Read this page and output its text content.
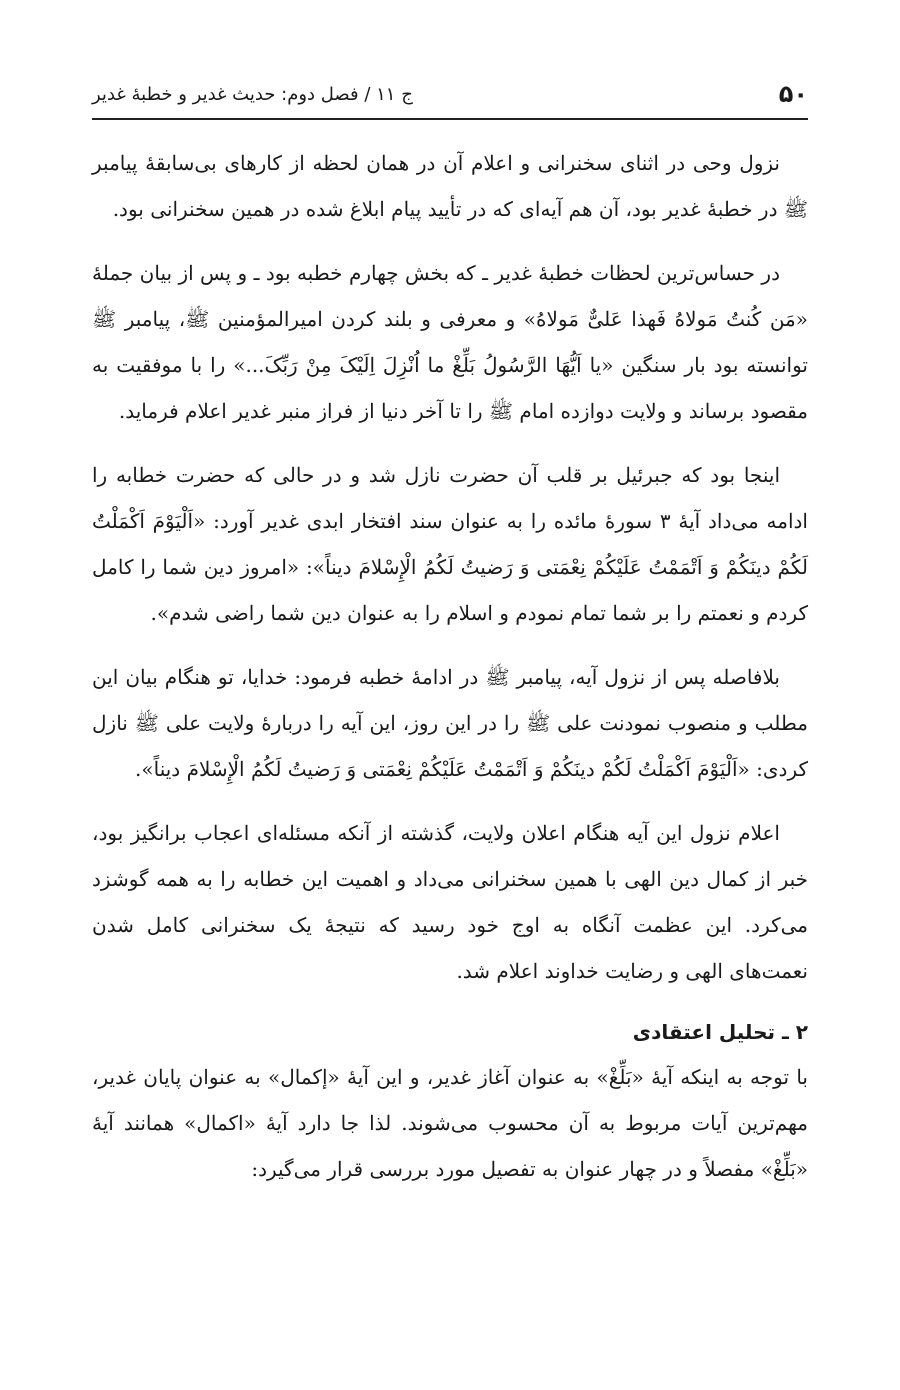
۵۰
ج ۱۱ / فصل دوم: حدیث غدیر و خطبهٔ غدیر

نزول وحی در اثنای سخنرانی و اعلام آن در همان لحظه از کارهای بی‌سابقهٔ پیامبر ﷺ در خطبهٔ غدیر بود، آن هم آیه‌ای که در تأیید پیام ابلاغ شده در همین سخنرانی بود.

در حساس‌ترین لحظات خطبهٔ غدیر ـ که بخش چهارم خطبه بود ـ و پس از بیان جملهٔ «مَن کُنتُ مَولاهُ فَهذا عَلیٌّ مَولاهُ» و معرفی و بلند کردن امیرالمؤمنین ﷺ، پیامبر ﷺ توانسته بود بار سنگین «یا اَیُّهَا الرَّسُولُ بَلِّغْ ما اُنْزِلَ اِلَیْکَ مِنْ رَبِّکَ...» را با موفقیت به مقصود برساند و ولایت دوازده امام ﷺ را تا آخر دنیا از فراز منبر غدیر اعلام فرماید.

اینجا بود که جبرئیل بر قلب آن حضرت نازل شد و در حالی که حضرت خطابه را ادامه می‌داد آیهٔ ۳ سورهٔ مائده را به عنوان سند افتخار ابدی غدیر آورد: «اَلْیَوْمَ اَکْمَلْتُ لَکُمْ دینَکُمْ وَ اَتْمَمْتُ عَلَیْکُمْ نِعْمَتی وَ رَضیتُ لَکُمُ الْإِسْلامَ دیناً»: «امروز دین شما را کامل کردم و نعمتم را بر شما تمام نمودم و اسلام را به عنوان دین شما راضی شدم».

بلافاصله پس از نزول آیه، پیامبر ﷺ در ادامهٔ خطبه فرمود: خدایا، تو هنگام بیان این مطلب و منصوب نمودنت علی ﷺ را در این روز، این آیه را دربارهٔ ولایت علی ﷺ نازل کردی: «اَلْیَوْمَ اَکْمَلْتُ لَکُمْ دینَکُمْ وَ اَتْمَمْتُ عَلَیْکُمْ نِعْمَتی وَ رَضیتُ لَکُمُ الْإِسْلامَ دیناً».

اعلام نزول این آیه هنگام اعلان ولایت، گذشته از آنکه مسئله‌ای اعجاب برانگیز بود، خبر از کمال دین الهی با همین سخنرانی می‌داد و اهمیت این خطابه را به همه گوشزد می‌کرد. این عظمت آنگاه به اوج خود رسید که نتیجهٔ یک سخنرانی کامل شدن نعمت‌های الهی و رضایت خداوند اعلام شد.

۲ ـ تحلیل اعتقادی

با توجه به اینکه آیهٔ «بَلِّغْ» به عنوان آغاز غدیر، و این آیهٔ «إکمال» به عنوان پایان غدیر، مهم‌ترین آیات مربوط به آن محسوب می‌شوند. لذا جا دارد آیهٔ «اکمال» همانند آیهٔ «بَلِّغْ» مفصلاً و در چهار عنوان به تفصیل مورد بررسی قرار می‌گیرد:
